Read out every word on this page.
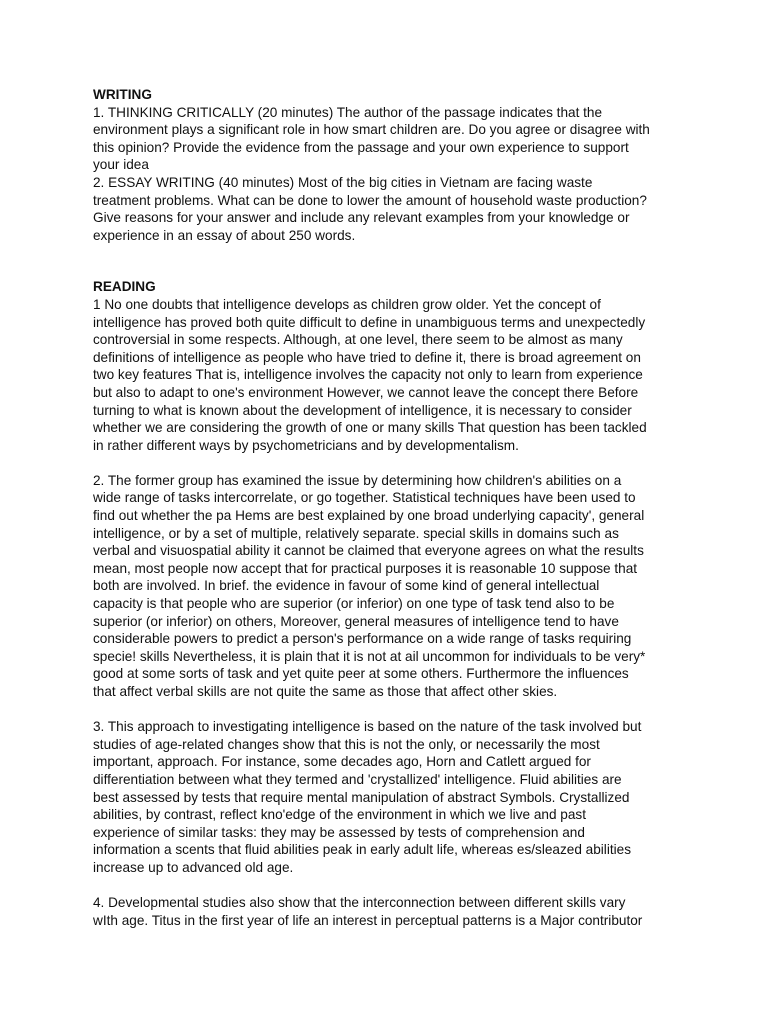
WRITING

1. THINKING CRITICALLY (20 minutes) The author of the passage indicates that the
environment plays a significant role in how smart children are. Do you agree or disagree with
this opinion? Provide the evidence from the passage and your own experience to support
your idea

2. ESSAY WRITING (40 minutes) Most of the big cities in Vietnam are facing waste
treatment problems. What can be done to lower the amount of household waste production?
Give reasons for your answer and include any relevant examples from your knowledge or
experience in an essay of about 250 words.

READING

1 No one doubts that intelligence develops as children grow older. Yet the concept of
intelligence has proved both quite difficult to define in unambiguous terms and unexpectedly
controversial in some respects. Although, at one level, there seem to be almost as many
definitions of intelligence as people who have tried to define it, there is broad agreement on
two key features That is, intelligence involves the capacity not only to learn from experience
but also to adapt to one's environment However, we cannot leave the concept there Before
turning to what is known about the development of intelligence, it is necessary to consider
whether we are considering the growth of one or many skills That question has been tackled
in rather different ways by psychometricians and by developmentalism.

2. The former group has examined the issue by determining how children's abilities on a
wide range of tasks intercorrelate, or go together. Statistical techniques have been used to
find out whether the pa Hems are best explained by one broad underlying capacity', general
intelligence, or by a set of multiple, relatively separate. special skills in domains such as
verbal and visuospatial ability it cannot be claimed that everyone agrees on what the results
mean, most people now accept that for practical purposes it is reasonable 10 suppose that
both are involved. In brief. the evidence in favour of some kind of general intellectual
capacity is that people who are superior (or inferior) on one type of task tend also to be
superior (or inferior) on others, Moreover, general measures of intelligence tend to have
considerable powers to predict a person's performance on a wide range of tasks requiring
specie! skills Nevertheless, it is plain that it is not at ail uncommon for individuals to be very*
good at some sorts of task and yet quite peer at some others. Furthermore the influences
that affect verbal skills are not quite the same as those that affect other skies.

3. This approach to investigating intelligence is based on the nature of the task involved but
studies of age-related changes show that this is not the only, or necessarily the most
important, approach. For instance, some decades ago, Horn and Catlett argued for
differentiation between what they termed and 'crystallized' intelligence. Fluid abilities are
best assessed by tests that require mental manipulation of abstract Symbols. Crystallized
abilities, by contrast, reflect kno'edge of the environment in which we live and past
experience of similar tasks: they may be assessed by tests of comprehension and
information a scents that fluid abilities peak in early adult life, whereas es/sleazed abilities
increase up to advanced old age.

4. Developmental studies also show that the interconnection between different skills vary
wIth age. Titus in the first year of life an interest in perceptual patterns is a Major contributor
